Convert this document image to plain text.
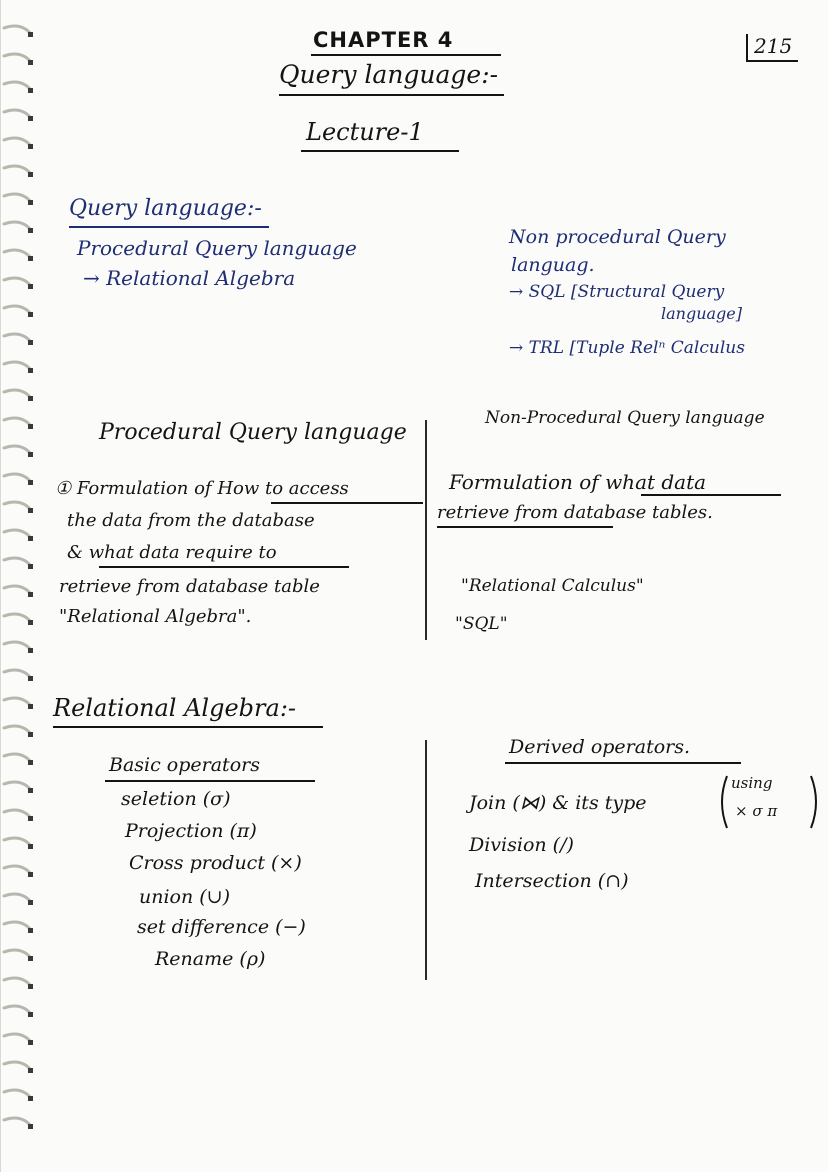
CHAPTER 4	215
Query language:-
Lecture-1
Query language:-
Procedural Query language
→ Relational Algebra
Non procedural Query
languag.
→ SQL [Structural Query
language]
→ TRL [Tuple Relⁿ Calculus
Procedural Query language
Non-Procedural Query language
① Formulation of How to access
the data from the database
& what data require to
retrieve from database table
"Relational Algebra".
Formulation of what data
retrieve from database tables.
"Relational Calculus"
"SQL"
Relational Algebra:-
Basic operators
seletion (σ)
Projection (π)
Cross product (×)
union (∪)
set difference (−)
Rename (ρ)
Derived operators.
Join (⋈) & its type
using
× σ π
Division (/)
Intersection (∩)
